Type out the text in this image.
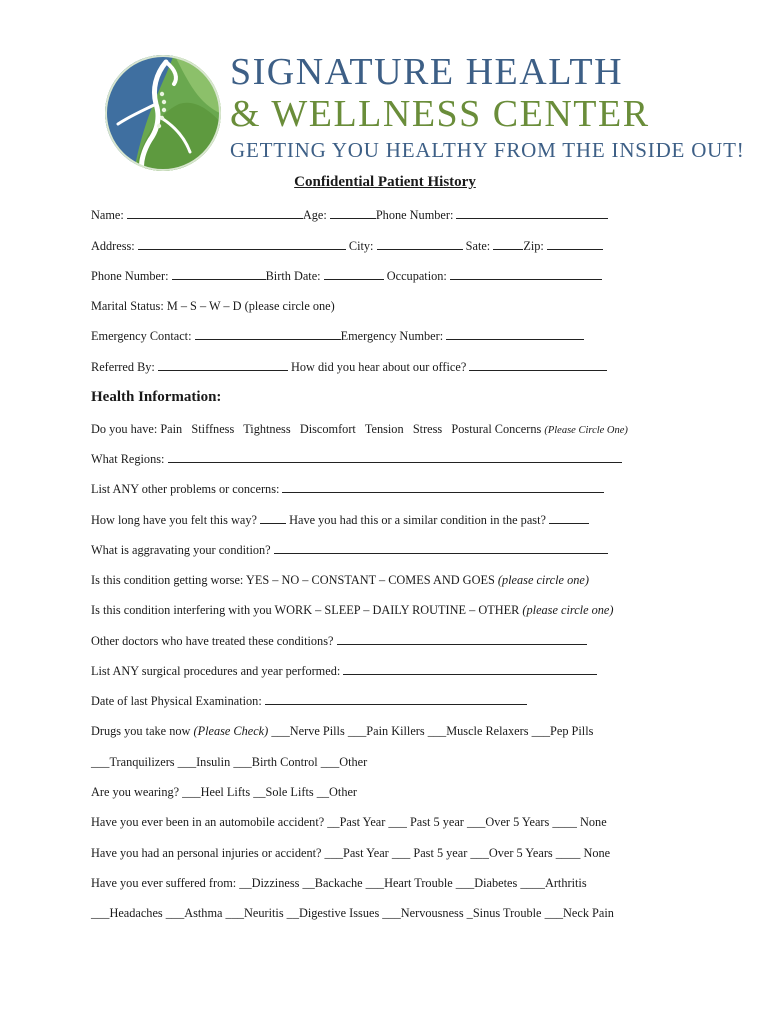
SIGNATURE HEALTH
& WELLNESS CENTER
GETTING YOU HEALTHY FROM THE INSIDE OUT!
Confidential Patient History
Name:	Age:	Phone Number:
Address:	City:	Sate:	Zip:
Phone Number:	Birth Date:	Occupation:
Marital Status: M – S – W – D (please circle one)
Emergency Contact:	Emergency Number:
Referred By:	How did you hear about our office?
Health Information:
Do you have: Pain   Stiffness   Tightness   Discomfort   Tension   Stress   Postural Concerns (Please Circle One)
What Regions:
List ANY other problems or concerns:
How long have you felt this way?	Have you had this or a similar condition in the past?
What is aggravating your condition?
Is this condition getting worse: YES – NO – CONSTANT – COMES AND GOES (please circle one)
Is this condition interfering with you WORK – SLEEP – DAILY ROUTINE – OTHER (please circle one)
Other doctors who have treated these conditions?
List ANY surgical procedures and year performed:
Date of last Physical Examination:
Drugs you take now (Please Check) ___Nerve Pills ___Pain Killers ___Muscle Relaxers ___Pep Pills
___Tranquilizers ___Insulin ___Birth Control ___Other
Are you wearing? ___Heel Lifts __Sole Lifts __Other
Have you ever been in an automobile accident? __Past Year ___ Past 5 year ___Over 5 Years ____ None
Have you had an personal injuries or accident? ___Past Year ___ Past 5 year ___Over 5 Years ____ None
Have you ever suffered from: __Dizziness __Backache ___Heart Trouble ___Diabetes ____Arthritis
___Headaches ___Asthma ___Neuritis __Digestive Issues ___Nervousness _Sinus Trouble ___Neck Pain
